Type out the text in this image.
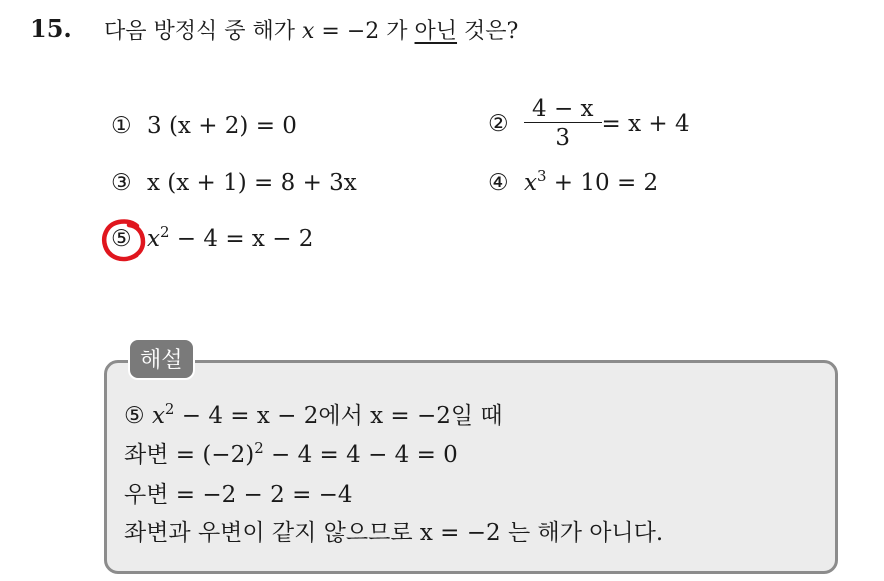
15. 다음 방정식 중 해가 x = −2 가 아닌 것은?
① 3 (x + 2) = 0	② $\frac{4 - x}{3} = x + 4$
③ x (x + 1) = 8 + 3x	④ $x^3 + 10 = 2$
⑤ $x^2 - 4 = x - 2$
해설
⑤ $x^2 - 4 = x - 2$에서 x = −2일 때
좌변 = $(-2)^2 - 4 = 4 - 4 = 0$
우변 = −2 − 2 = −4
좌변과 우변이 같지 않으므로 x = −2 는 해가 아니다.
